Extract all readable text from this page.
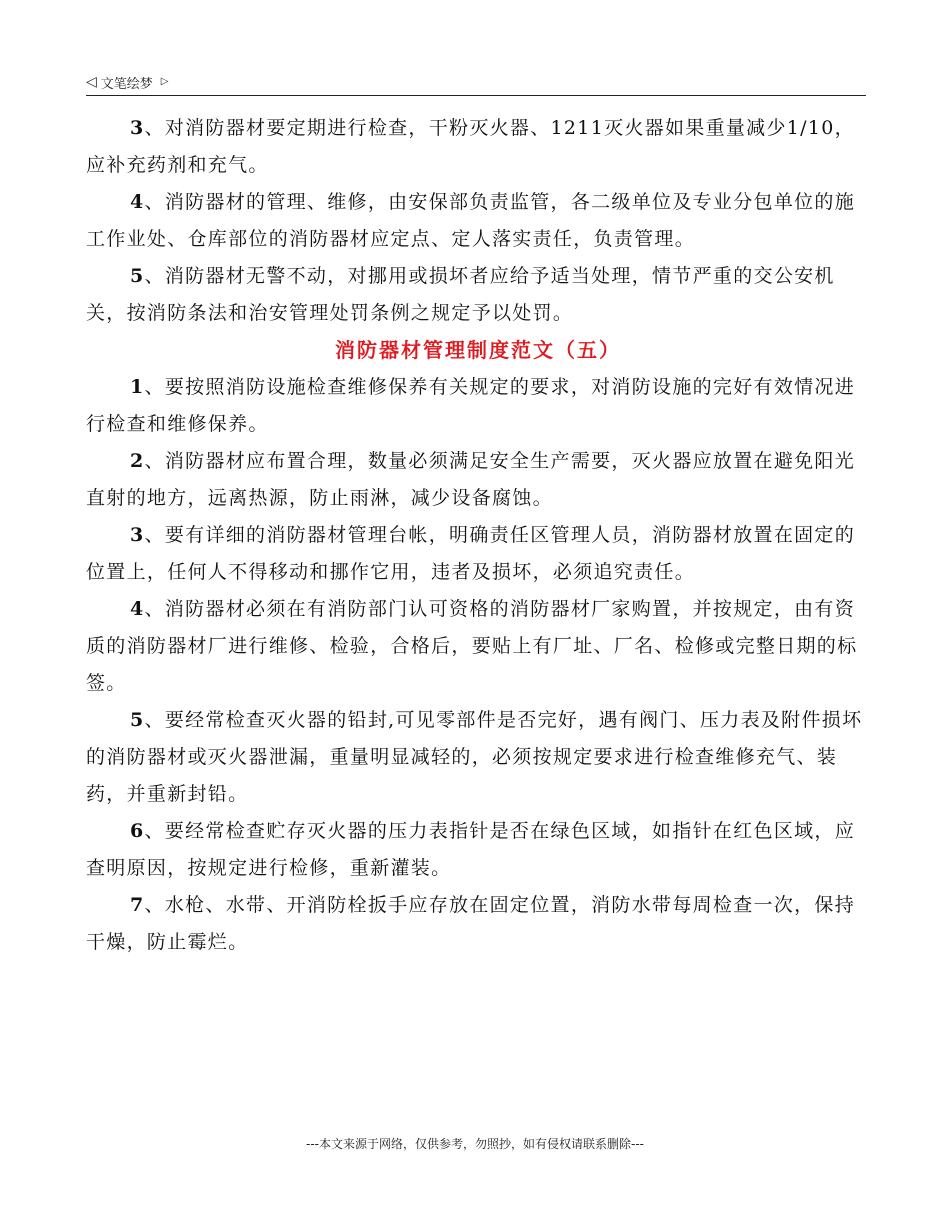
◁ 文笔绘梦 ▷

3、对消防器材要定期进行检查，干粉灭火器、1211灭火器如果重量减少1/10，应补充药剂和充气。

4、消防器材的管理、维修，由安保部负责监管，各二级单位及专业分包单位的施工作业处、仓库部位的消防器材应定点、定人落实责任，负责管理。

5、消防器材无警不动，对挪用或损坏者应给予适当处理，情节严重的交公安机关，按消防条法和治安管理处罚条例之规定予以处罚。

消防器材管理制度范文（五）

1、要按照消防设施检查维修保养有关规定的要求，对消防设施的完好有效情况进行检查和维修保养。

2、消防器材应布置合理，数量必须满足安全生产需要，灭火器应放置在避免阳光直射的地方，远离热源，防止雨淋，减少设备腐蚀。

3、要有详细的消防器材管理台帐，明确责任区管理人员，消防器材放置在固定的位置上，任何人不得移动和挪作它用，违者及损坏，必须追究责任。

4、消防器材必须在有消防部门认可资格的消防器材厂家购置，并按规定，由有资质的消防器材厂进行维修、检验，合格后，要贴上有厂址、厂名、检修或完整日期的标签。

5、要经常检查灭火器的铅封,可见零部件是否完好，遇有阀门、压力表及附件损坏的消防器材或灭火器泄漏，重量明显减轻的，必须按规定要求进行检查维修充气、装药，并重新封铅。

6、要经常检查贮存灭火器的压力表指针是否在绿色区域，如指针在红色区域，应查明原因，按规定进行检修，重新灌装。

7、水枪、水带、开消防栓扳手应存放在固定位置，消防水带每周检查一次，保持干燥，防止霉烂。

---本文来源于网络，仅供参考，勿照抄，如有侵权请联系删除---
